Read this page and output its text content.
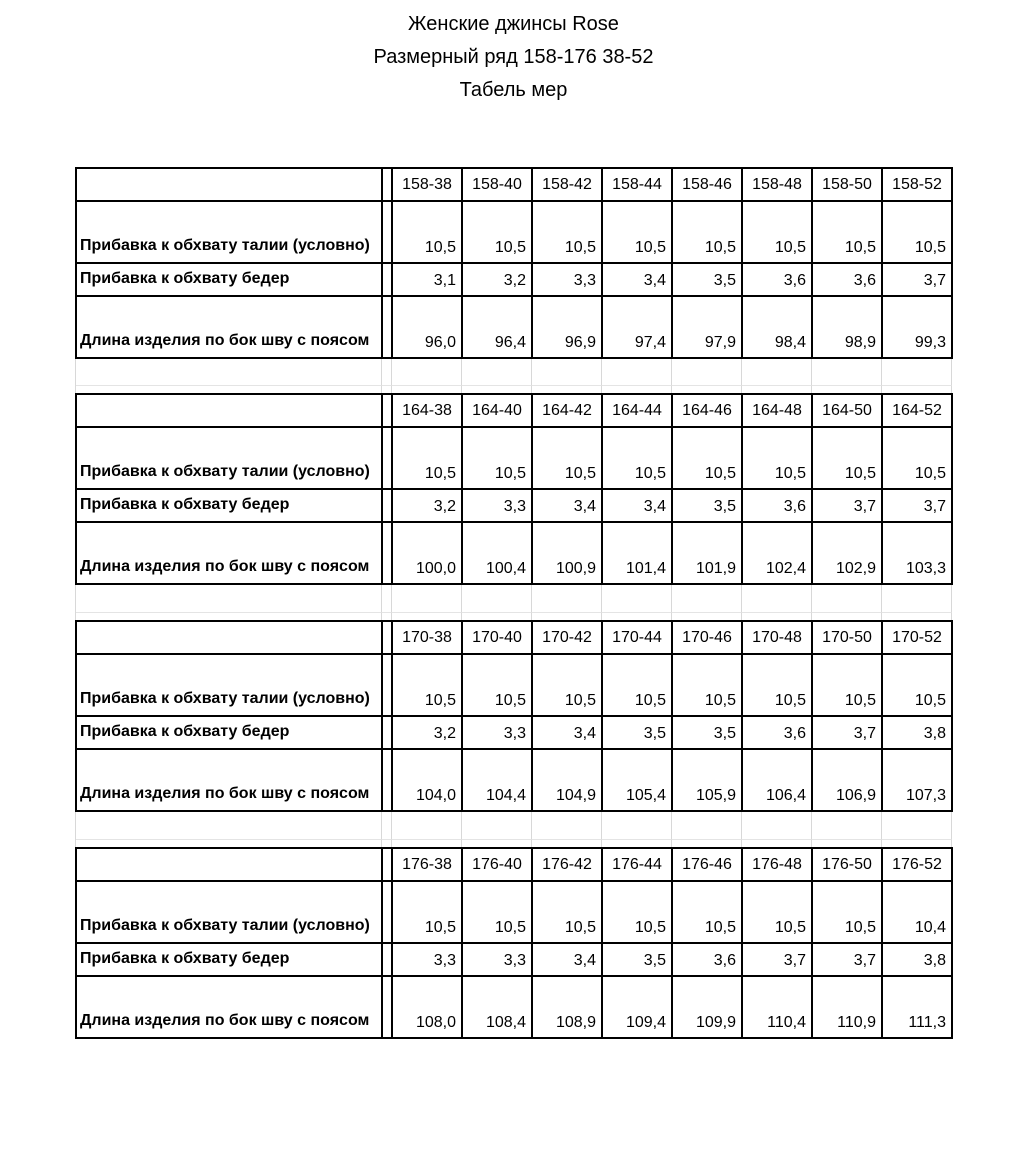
Женские джинсы Rose
Размерный ряд 158-176 38-52
Табель мер
158-38	158-40	158-42	158-44	158-46	158-48	158-50	158-52
Прибавка к обхвату талии (условно)	10,5	10,5	10,5	10,5	10,5	10,5	10,5	10,5
Прибавка к обхвату бедер	3,1	3,2	3,3	3,4	3,5	3,6	3,6	3,7
Длина изделия по бок шву с поясом	96,0	96,4	96,9	97,4	97,9	98,4	98,9	99,3
164-38	164-40	164-42	164-44	164-46	164-48	164-50	164-52
Прибавка к обхвату талии (условно)	10,5	10,5	10,5	10,5	10,5	10,5	10,5	10,5
Прибавка к обхвату бедер	3,2	3,3	3,4	3,4	3,5	3,6	3,7	3,7
Длина изделия по бок шву с поясом	100,0	100,4	100,9	101,4	101,9	102,4	102,9	103,3
170-38	170-40	170-42	170-44	170-46	170-48	170-50	170-52
Прибавка к обхвату талии (условно)	10,5	10,5	10,5	10,5	10,5	10,5	10,5	10,5
Прибавка к обхвату бедер	3,2	3,3	3,4	3,5	3,5	3,6	3,7	3,8
Длина изделия по бок шву с поясом	104,0	104,4	104,9	105,4	105,9	106,4	106,9	107,3
176-38	176-40	176-42	176-44	176-46	176-48	176-50	176-52
Прибавка к обхвату талии (условно)	10,5	10,5	10,5	10,5	10,5	10,5	10,5	10,4
Прибавка к обхвату бедер	3,3	3,3	3,4	3,5	3,6	3,7	3,7	3,8
Длина изделия по бок шву с поясом	108,0	108,4	108,9	109,4	109,9	110,4	110,9	111,3
